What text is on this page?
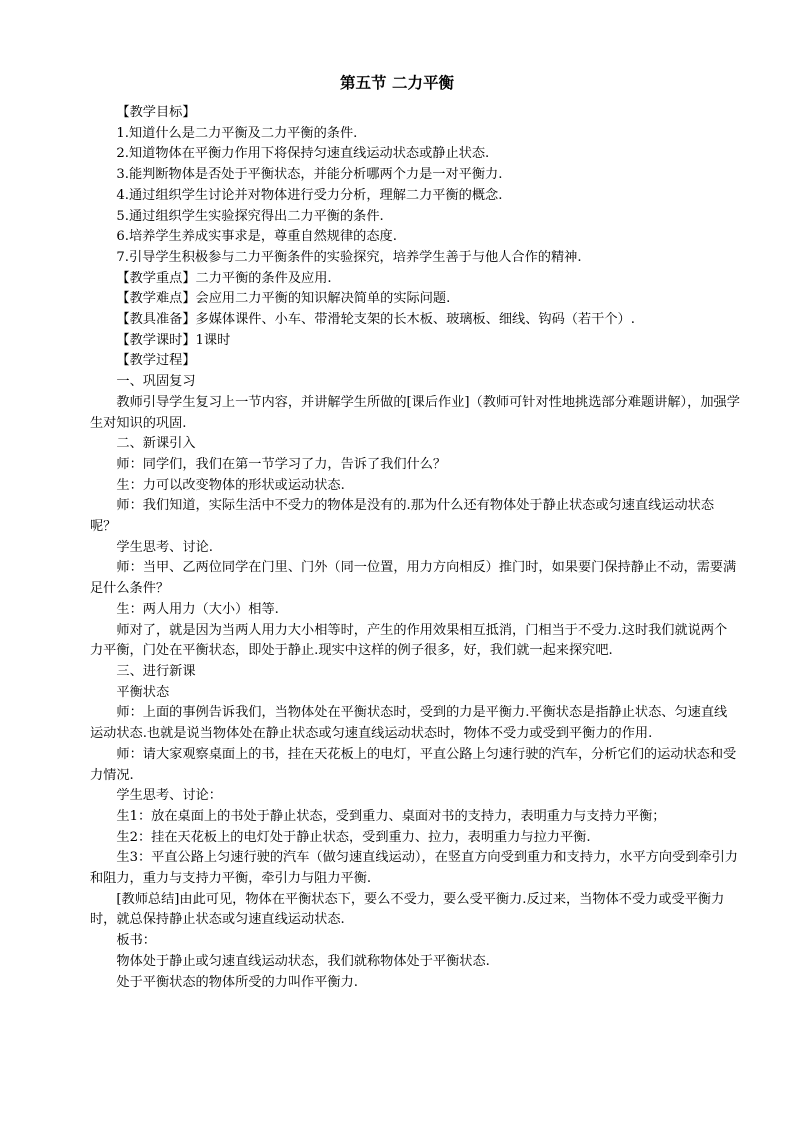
第五节 二力平衡

【教学目标】

1.知道什么是二力平衡及二力平衡的条件.

2.知道物体在平衡力作用下将保持匀速直线运动状态或静止状态.

3.能判断物体是否处于平衡状态，并能分析哪两个力是一对平衡力.

4.通过组织学生讨论并对物体进行受力分析，理解二力平衡的概念.

5.通过组织学生实验探究得出二力平衡的条件.

6.培养学生养成实事求是，尊重自然规律的态度.

7.引导学生积极参与二力平衡条件的实验探究，培养学生善于与他人合作的精神.

【教学重点】二力平衡的条件及应用.

【教学难点】会应用二力平衡的知识解决简单的实际问题.

【教具准备】多媒体课件、小车、带滑轮支架的长木板、玻璃板、细线、钩码（若干个）.

【教学课时】1课时

【教学过程】

一、巩固复习

教师引导学生复习上一节内容，并讲解学生所做的[课后作业]（教师可针对性地挑选部分难题讲解），加强学生对知识的巩固.

二、新课引入

师：同学们，我们在第一节学习了力，告诉了我们什么？

生：力可以改变物体的形状或运动状态.

师：我们知道，实际生活中不受力的物体是没有的.那为什么还有物体处于静止状态或匀速直线运动状态呢？

学生思考、讨论.

师：当甲、乙两位同学在门里、门外（同一位置，用力方向相反）推门时，如果要门保持静止不动，需要满足什么条件？

生：两人用力（大小）相等.

师对了，就是因为当两人用力大小相等时，产生的作用效果相互抵消，门相当于不受力.这时我们就说两个力平衡，门处在平衡状态，即处于静止.现实中这样的例子很多，好，我们就一起来探究吧.

三、进行新课

平衡状态

师：上面的事例告诉我们，当物体处在平衡状态时，受到的力是平衡力.平衡状态是指静止状态、匀速直线运动状态.也就是说当物体处在静止状态或匀速直线运动状态时，物体不受力或受到平衡力的作用.

师：请大家观察桌面上的书，挂在天花板上的电灯，平直公路上匀速行驶的汽车，分析它们的运动状态和受力情况.

学生思考、讨论：

生1：放在桌面上的书处于静止状态，受到重力、桌面对书的支持力，表明重力与支持力平衡；

生2：挂在天花板上的电灯处于静止状态，受到重力、拉力，表明重力与拉力平衡.

生3：平直公路上匀速行驶的汽车（做匀速直线运动），在竖直方向受到重力和支持力，水平方向受到牵引力和阻力，重力与支持力平衡，牵引力与阻力平衡.

[教师总结]由此可见，物体在平衡状态下，要么不受力，要么受平衡力.反过来，当物体不受力或受平衡力时，就总保持静止状态或匀速直线运动状态.

板书：

物体处于静止或匀速直线运动状态，我们就称物体处于平衡状态.

处于平衡状态的物体所受的力叫作平衡力.
